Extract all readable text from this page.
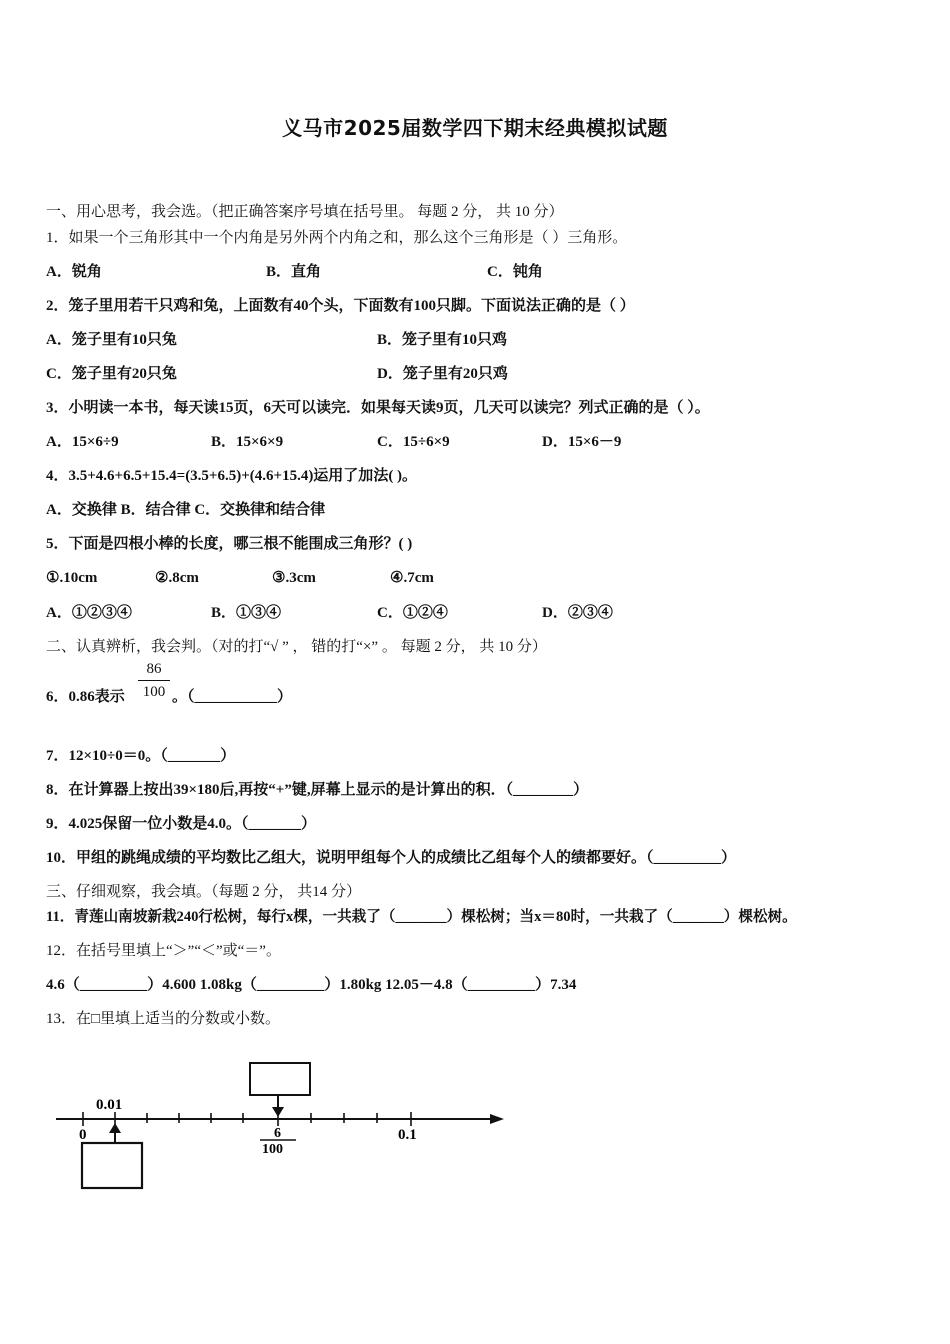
义马市2025届数学四下期末经典模拟试题
一、用心思考，我会选。（把正确答案序号填在括号里。 每题 2 分， 共 10 分）
1．如果一个三角形其中一个内角是另外两个内角之和，那么这个三角形是（ ）三角形。
A．锐角	B．直角	C．钝角
2．笼子里用若干只鸡和兔，上面数有40个头，下面数有100只脚。下面说法正确的是（ ）
A．笼子里有10只兔	B．笼子里有10只鸡
C．笼子里有20只兔	D．笼子里有20只鸡
3．小明读一本书，每天读15页，6天可以读完．如果每天读9页，几天可以读完？列式正确的是（ ）。
A．15×6÷9	B．15×6×9	C．15÷6×9	D．15×6－9
4．3.5+4.6+6.5+15.4=(3.5+6.5)+(4.6+15.4)运用了加法( )。
A．交换律 B．结合律 C．交换律和结合律
5．下面是四根小棒的长度，哪三根不能围成三角形？( )
①.10cm	②.8cm	③.3cm	④.7cm
A．①②③④	B．①③④	C．①②④	D．②③④
二、认真辨析，我会判。（对的打“√ ” ， 错的打“×” 。 每题 2 分， 共 10 分）
6．0.86表示
86
100 。（___________）
7．12×10÷0＝0。（_______）
8．在计算器上按出39×180后,再按“+”键,屏幕上显示的是计算出的积．（________）
9．4.025保留一位小数是4.0。（_______）
10．甲组的跳绳成绩的平均数比乙组大，说明甲组每个人的成绩比乙组每个人的绩都要好。（_________）
三、仔细观察，我会填。（每题 2 分， 共14 分）
11．青莲山南坡新栽240行松树，每行x棵，一共栽了（_______）棵松树；当x＝80时，一共栽了（_______）棵松树。
12．在括号里填上“＞”“＜”或“＝”。
4.6（_________）4.600 1.08kg（_________）1.80kg 12.05－4.8（_________）7.34
13．在□里填上适当的分数或小数。
0.01
0	6
100
0.1
